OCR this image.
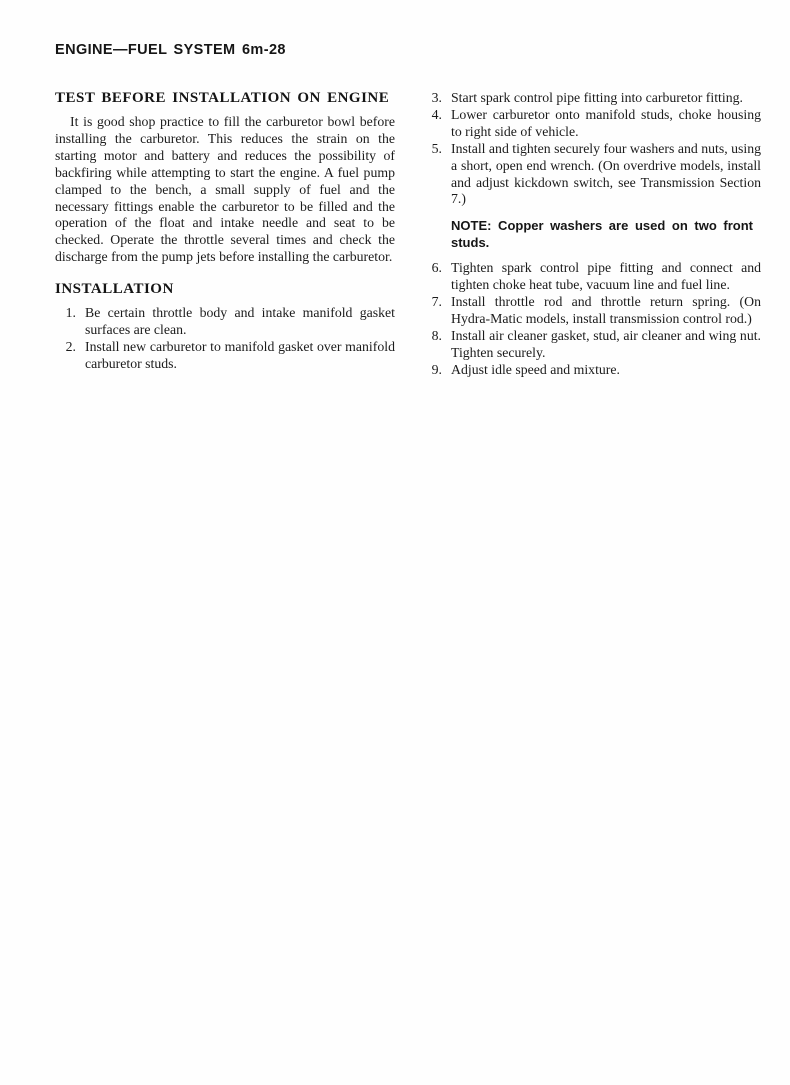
ENGINE—FUEL SYSTEM 6m-28
TEST BEFORE INSTALLATION ON ENGINE

It is good shop practice to fill the carburetor bowl before installing the carburetor. This reduces the strain on the starting motor and battery and reduces the possibility of backfiring while attempting to start the engine. A fuel pump clamped to the bench, a small supply of fuel and the necessary fittings enable the carburetor to be filled and the operation of the float and intake needle and seat to be checked. Operate the throttle several times and check the discharge from the pump jets before installing the carburetor.

INSTALLATION
1. Be certain throttle body and intake manifold gasket surfaces are clean.
2. Install new carburetor to manifold gasket over manifold carburetor studs.
3. Start spark control pipe fitting into carburetor fitting.
4. Lower carburetor onto manifold studs, choke housing to right side of vehicle.
5. Install and tighten securely four washers and nuts, using a short, open end wrench. (On overdrive models, install and adjust kickdown switch, see Transmission Section 7.)
NOTE: Copper washers are used on two front studs.
6. Tighten spark control pipe fitting and connect and tighten choke heat tube, vacuum line and fuel line.
7. Install throttle rod and throttle return spring. (On Hydra-Matic models, install transmission control rod.)
8. Install air cleaner gasket, stud, air cleaner and wing nut. Tighten securely.
9. Adjust idle speed and mixture.
